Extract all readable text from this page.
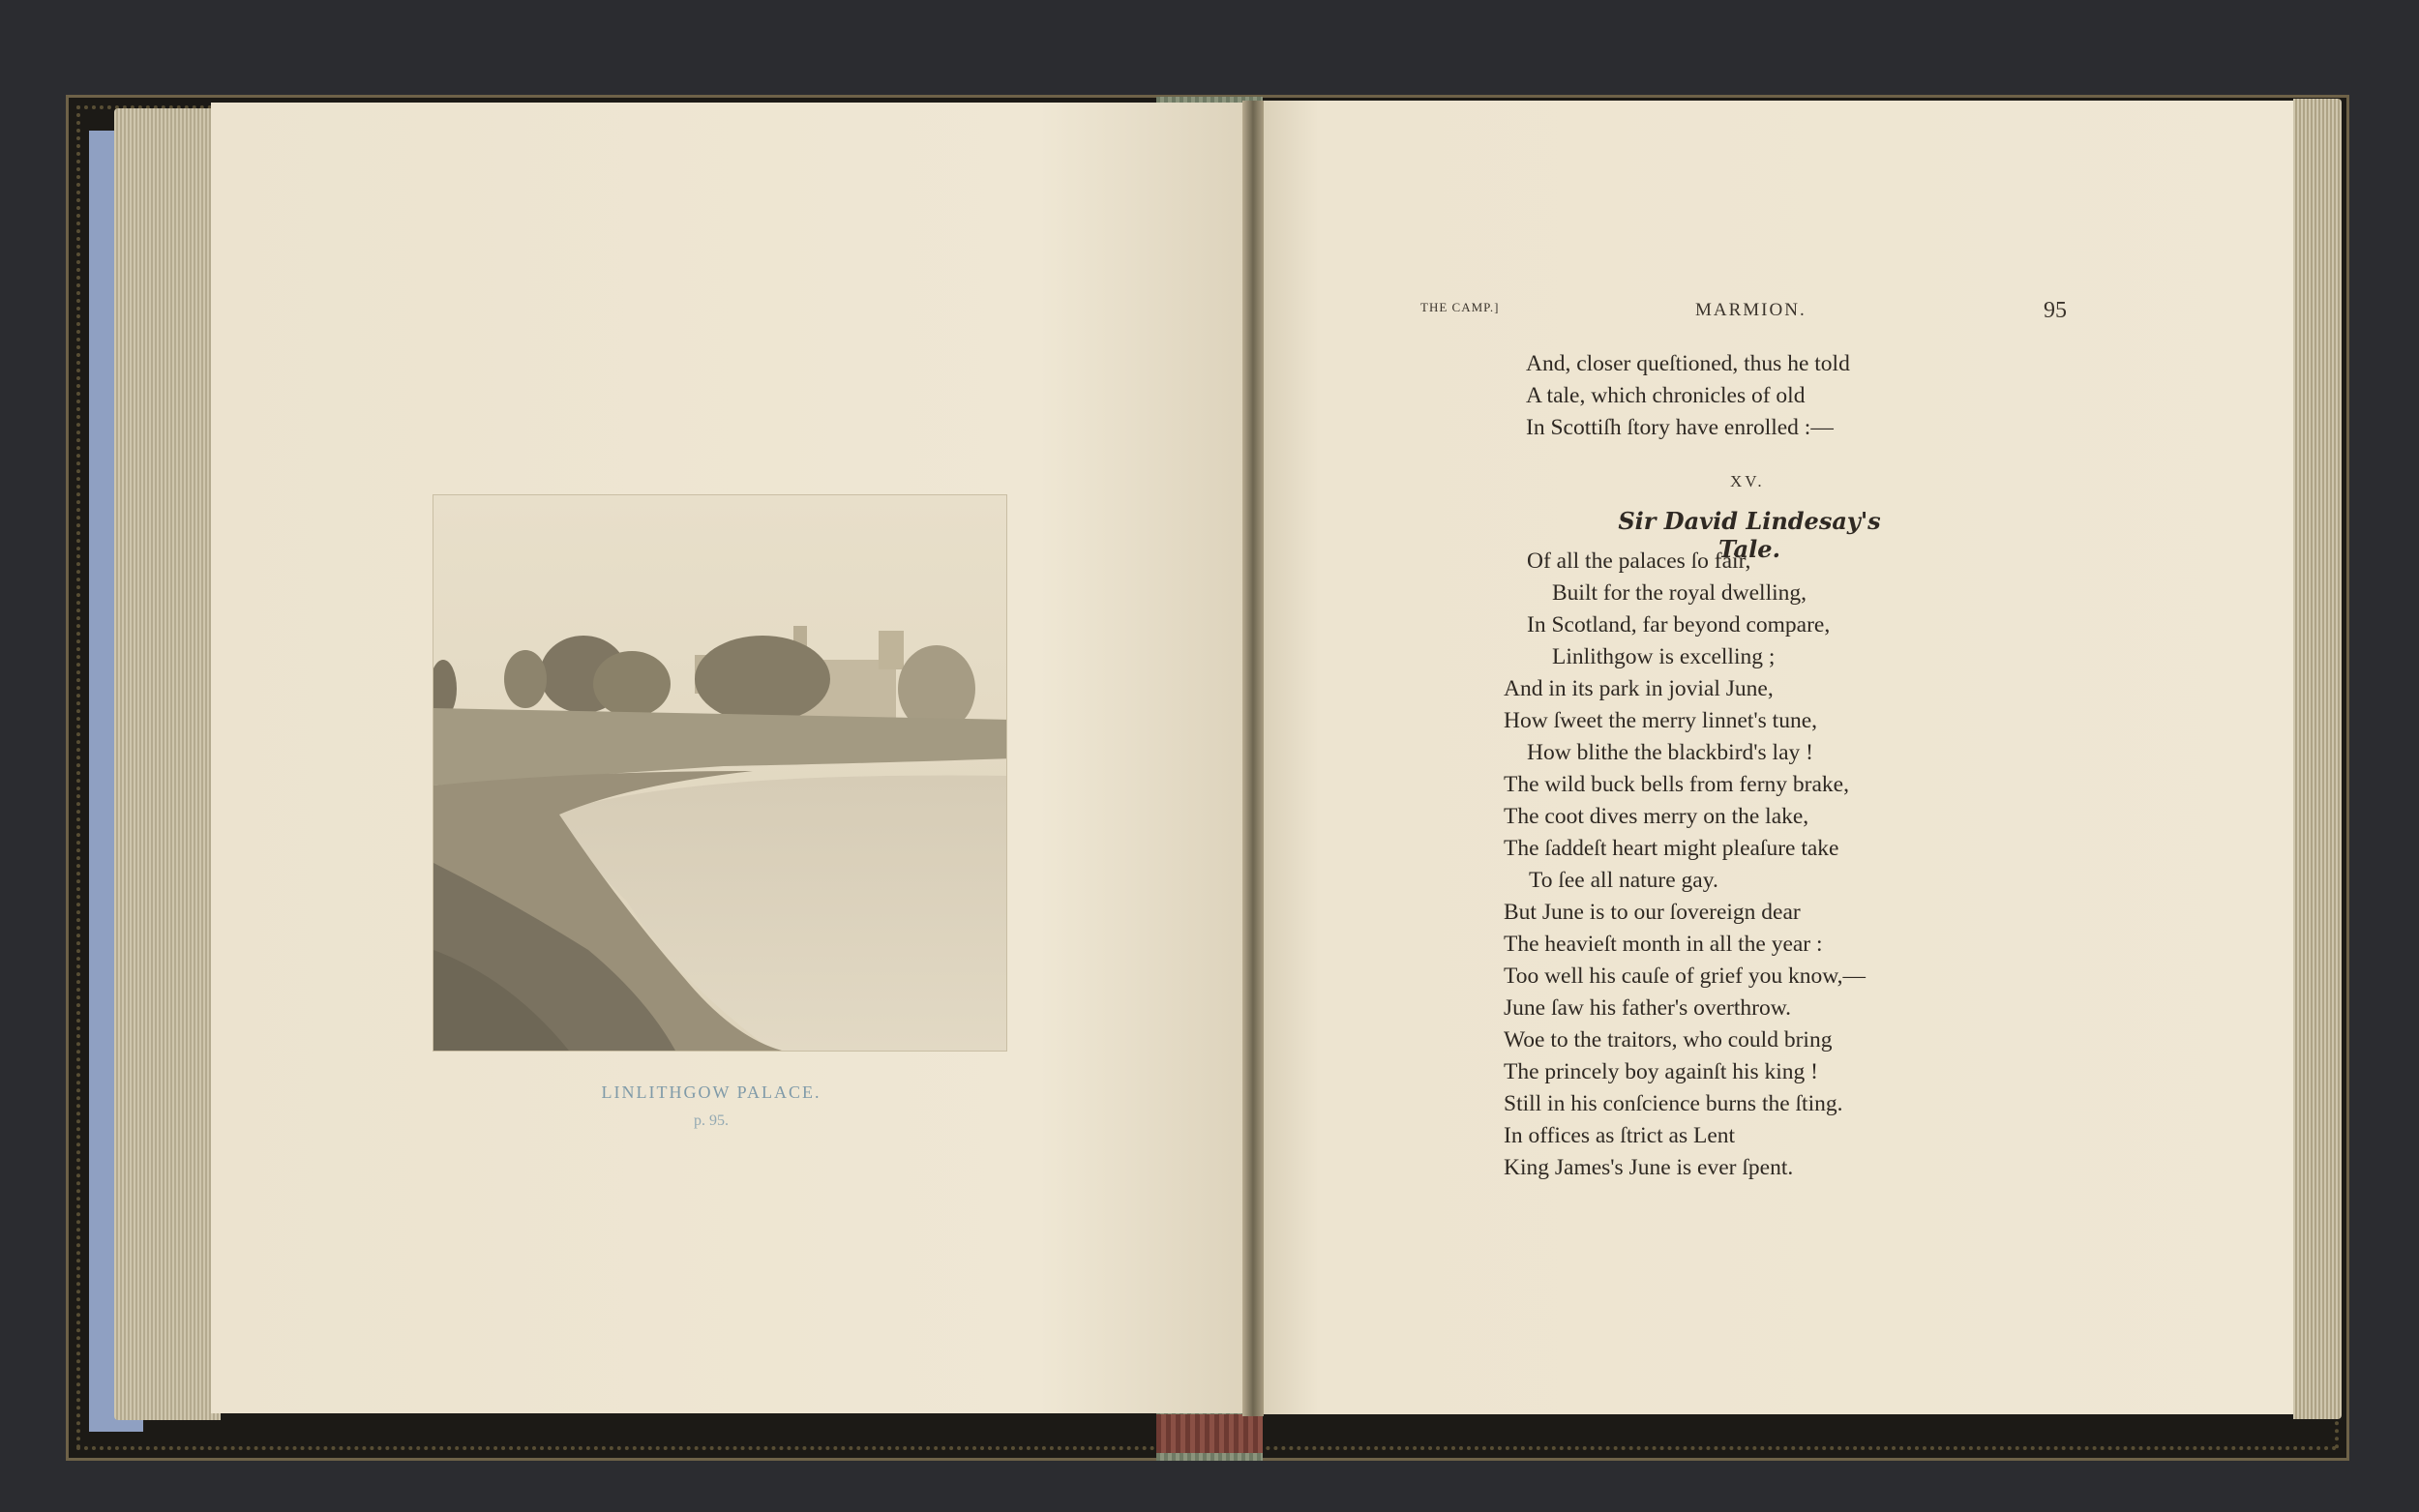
LINLITHGOW PALACE.
p. 95.
THE CAMP.]	MARMION.	95
And, closer queſtioned, thus he told
A tale, which chronicles of old
In Scottiſh ſtory have enrolled :—
XV.
Sir David Lindesay's Tale.
Of all the palaces ſo fair,
Built for the royal dwelling,
In Scotland, far beyond compare,
Linlithgow is excelling ;
And in its park in jovial June,
How ſweet the merry linnet's tune,
How blithe the blackbird's lay !
The wild buck bells from ferny brake,
The coot dives merry on the lake,
The ſaddeſt heart might pleaſure take
To ſee all nature gay.
But June is to our ſovereign dear
The heavieſt month in all the year :
Too well his cauſe of grief you know,—
June ſaw his father's overthrow.
Woe to the traitors, who could bring
The princely boy againſt his king !
Still in his conſcience burns the ſting.
In offices as ſtrict as Lent
King James's June is ever ſpent.
